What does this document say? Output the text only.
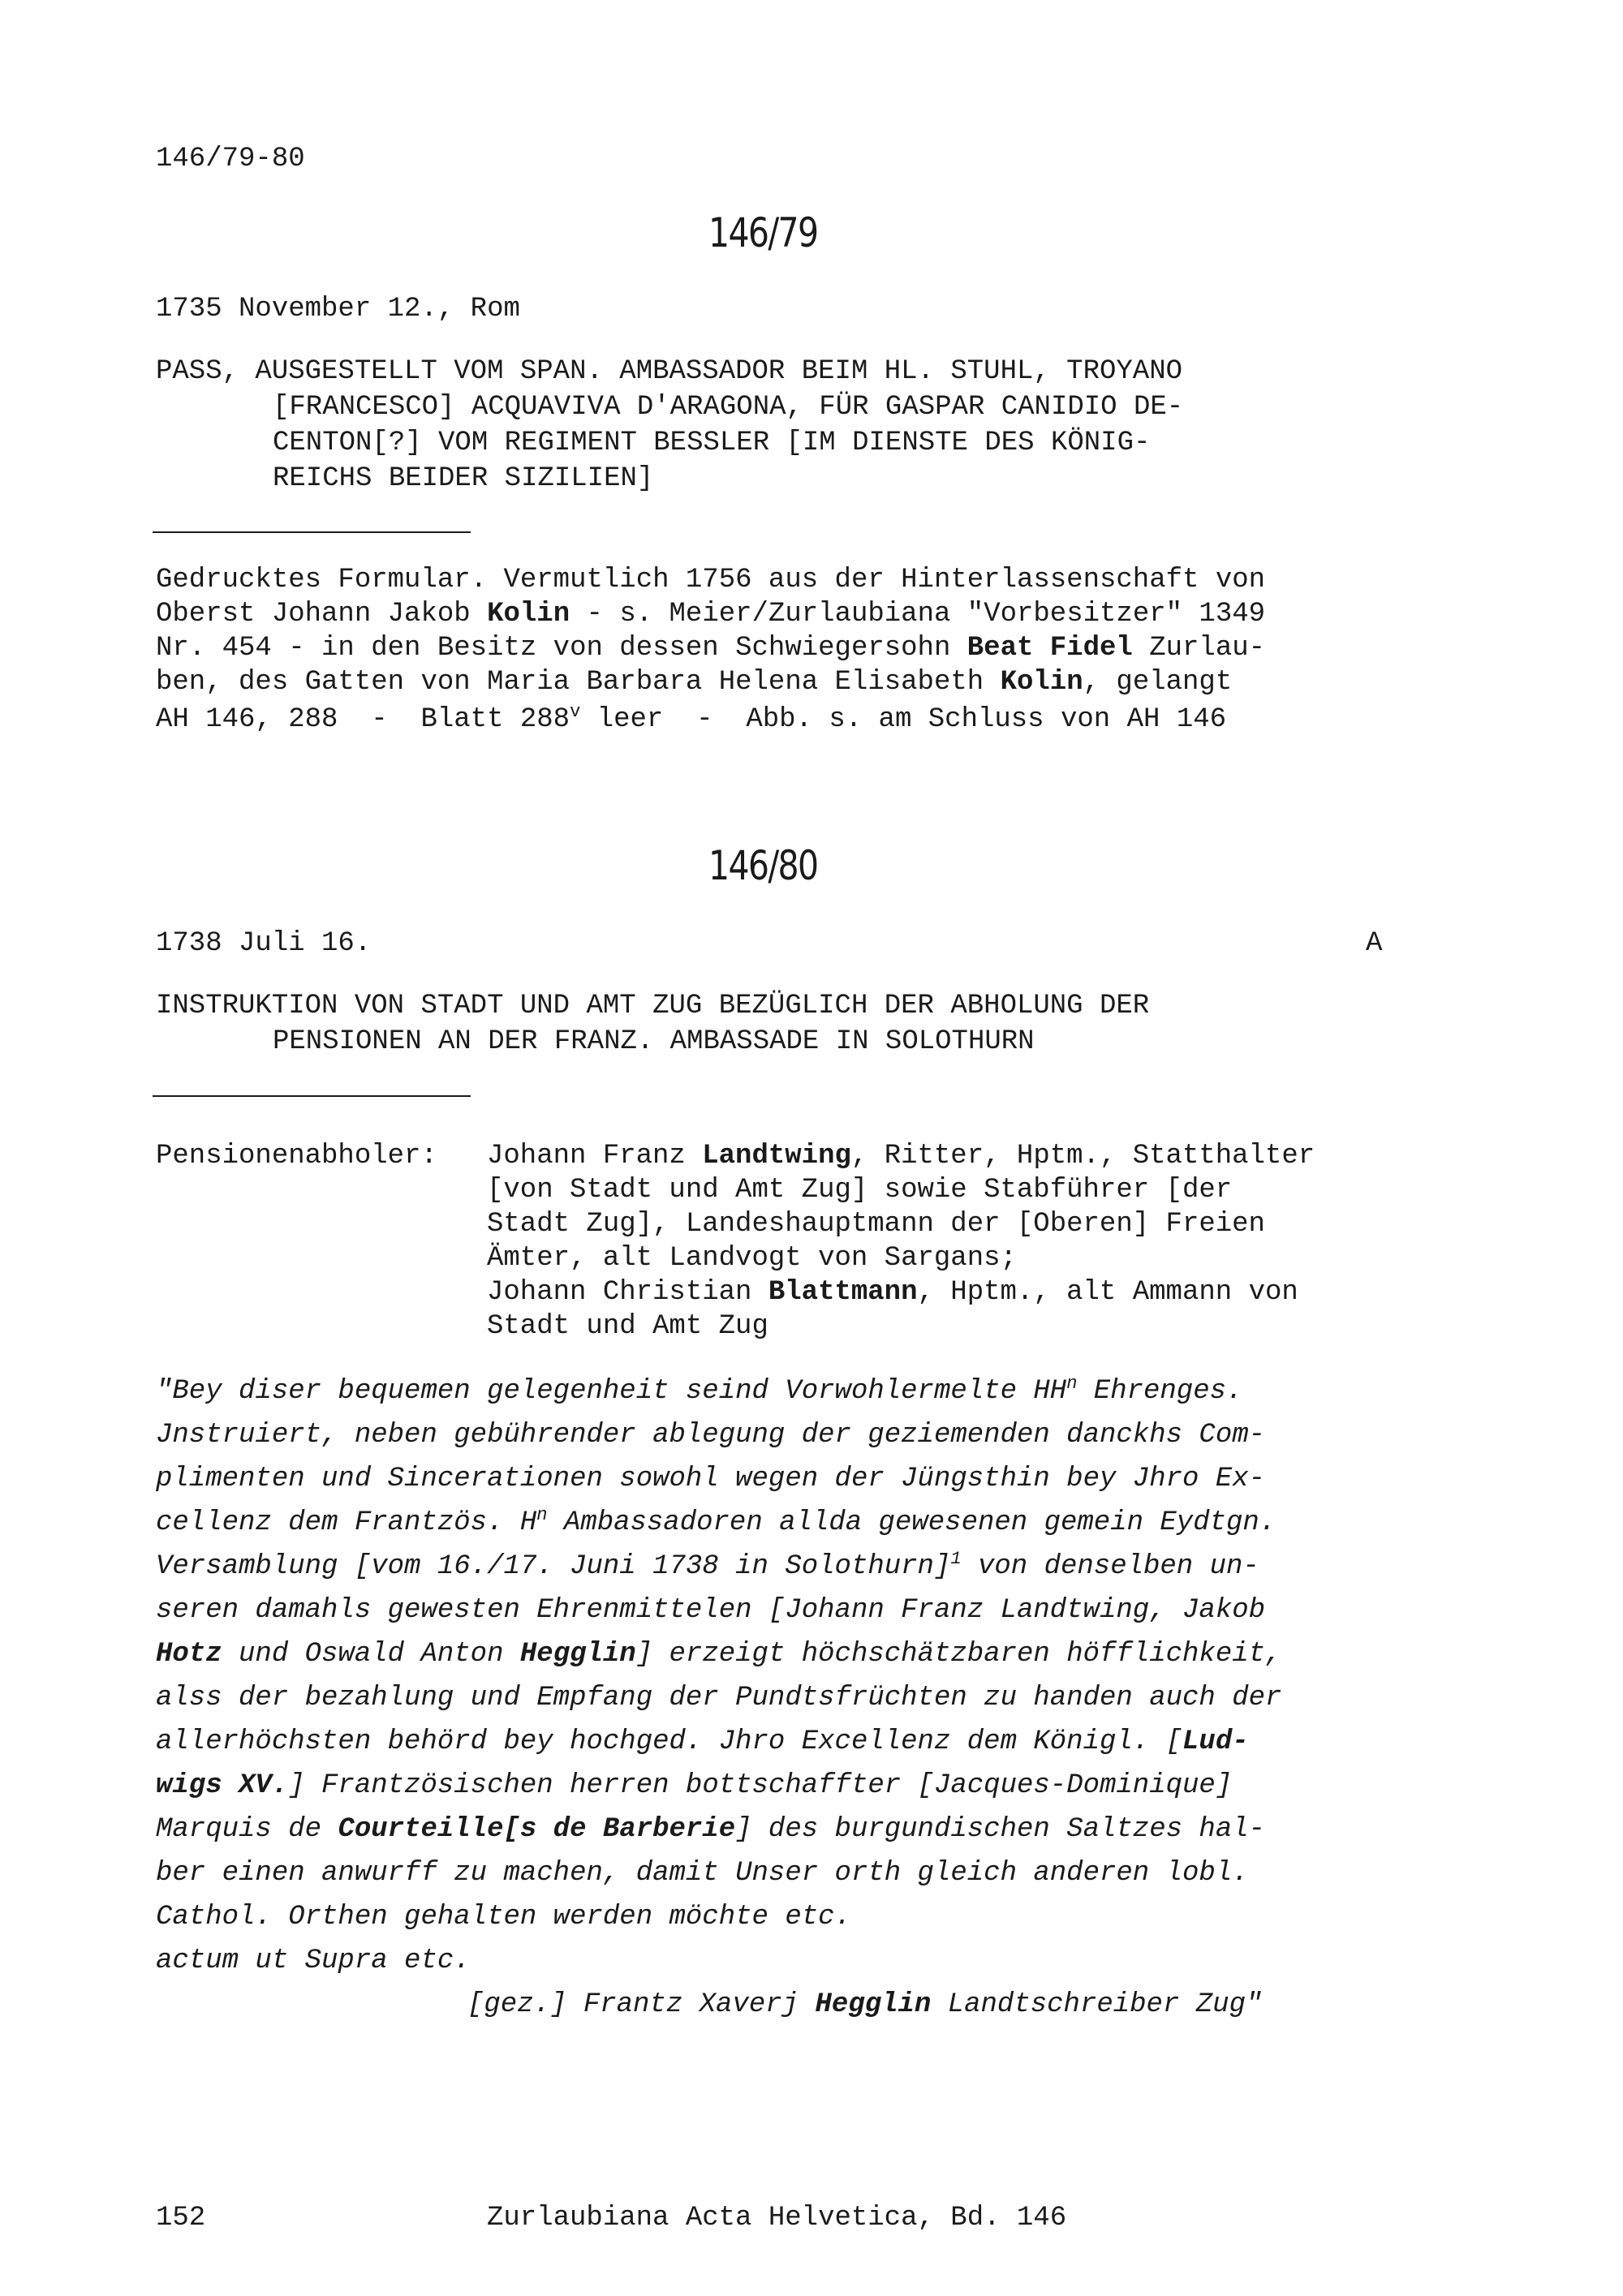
146/79-80
146/79
1735 November 12., Rom
PASS, AUSGESTELLT VOM SPAN. AMBASSADOR BEIM HL. STUHL, TROYANO
[FRANCESCO] ACQUAVIVA D'ARAGONA, FÜR GASPAR CANIDIO DE-
CENTON[?] VOM REGIMENT BESSLER [IM DIENSTE DES KÖNIG-
REICHS BEIDER SIZILIEN]
Gedrucktes Formular. Vermutlich 1756 aus der Hinterlassenschaft von
Oberst Johann Jakob Kolin - s. Meier/Zurlaubiana "Vorbesitzer" 1349
Nr. 454 - in den Besitz von dessen Schwiegersohn Beat Fidel Zurlau-
ben, des Gatten von Maria Barbara Helena Elisabeth Kolin, gelangt
AH 146, 288  -  Blatt 288$^v$ leer  -  Abb. s. am Schluss von AH 146
146/80
1738 Juli 16.	A
INSTRUKTION VON STADT UND AMT ZUG BEZÜGLICH DER ABHOLUNG DER
PENSIONEN AN DER FRANZ. AMBASSADE IN SOLOTHURN
Pensionenabholer: Johann Franz Landtwing, Ritter, Hptm., Statthalter
[von Stadt und Amt Zug] sowie Stabführer [der
Stadt Zug], Landeshauptmann der [Oberen] Freien
Ämter, alt Landvogt von Sargans;
Johann Christian Blattmann, Hptm., alt Ammann von
Stadt und Amt Zug
"Bey diser bequemen gelegenheit seind Vorwohlermelte $HH^n$ Ehrenges.
Jnstruiert, neben gebührender ablegung der geziemenden danckhs Com-
plimenten und Sincerationen sowohl wegen der Jüngsthin bey Jhro Ex-
cellenz dem Frantzös. $H^n$ Ambassadoren allda gewesenen gemein Eydtgn.
Versamblung [vom 16./17. Juni 1738 in Solothurn]$^1$ von denselben un-
seren damahls gewesten Ehrenmittelen [Johann Franz Landtwing, Jakob
Hotz und Oswald Anton Hegglin] erzeigt höchschätzbaren höfflichkeit,
alss der bezahlung und Empfang der Pundtsfrüchten zu handen auch der
allerhöchsten behörd bey hochged. Jhro Excellenz dem Königl. [Lud-
wigs XV.] Frantzösischen herren bottschaffter [Jacques-Dominique]
Marquis de Courteille[s de Barberie] des burgundischen Saltzes hal-
ber einen anwurff zu machen, damit Unser orth gleich anderen lobl.
Cathol. Orthen gehalten werden möchte etc.
actum ut Supra etc.
[gez.] Frantz Xaverj Hegglin Landtschreiber Zug"
152	Zurlaubiana Acta Helvetica, Bd. 146
